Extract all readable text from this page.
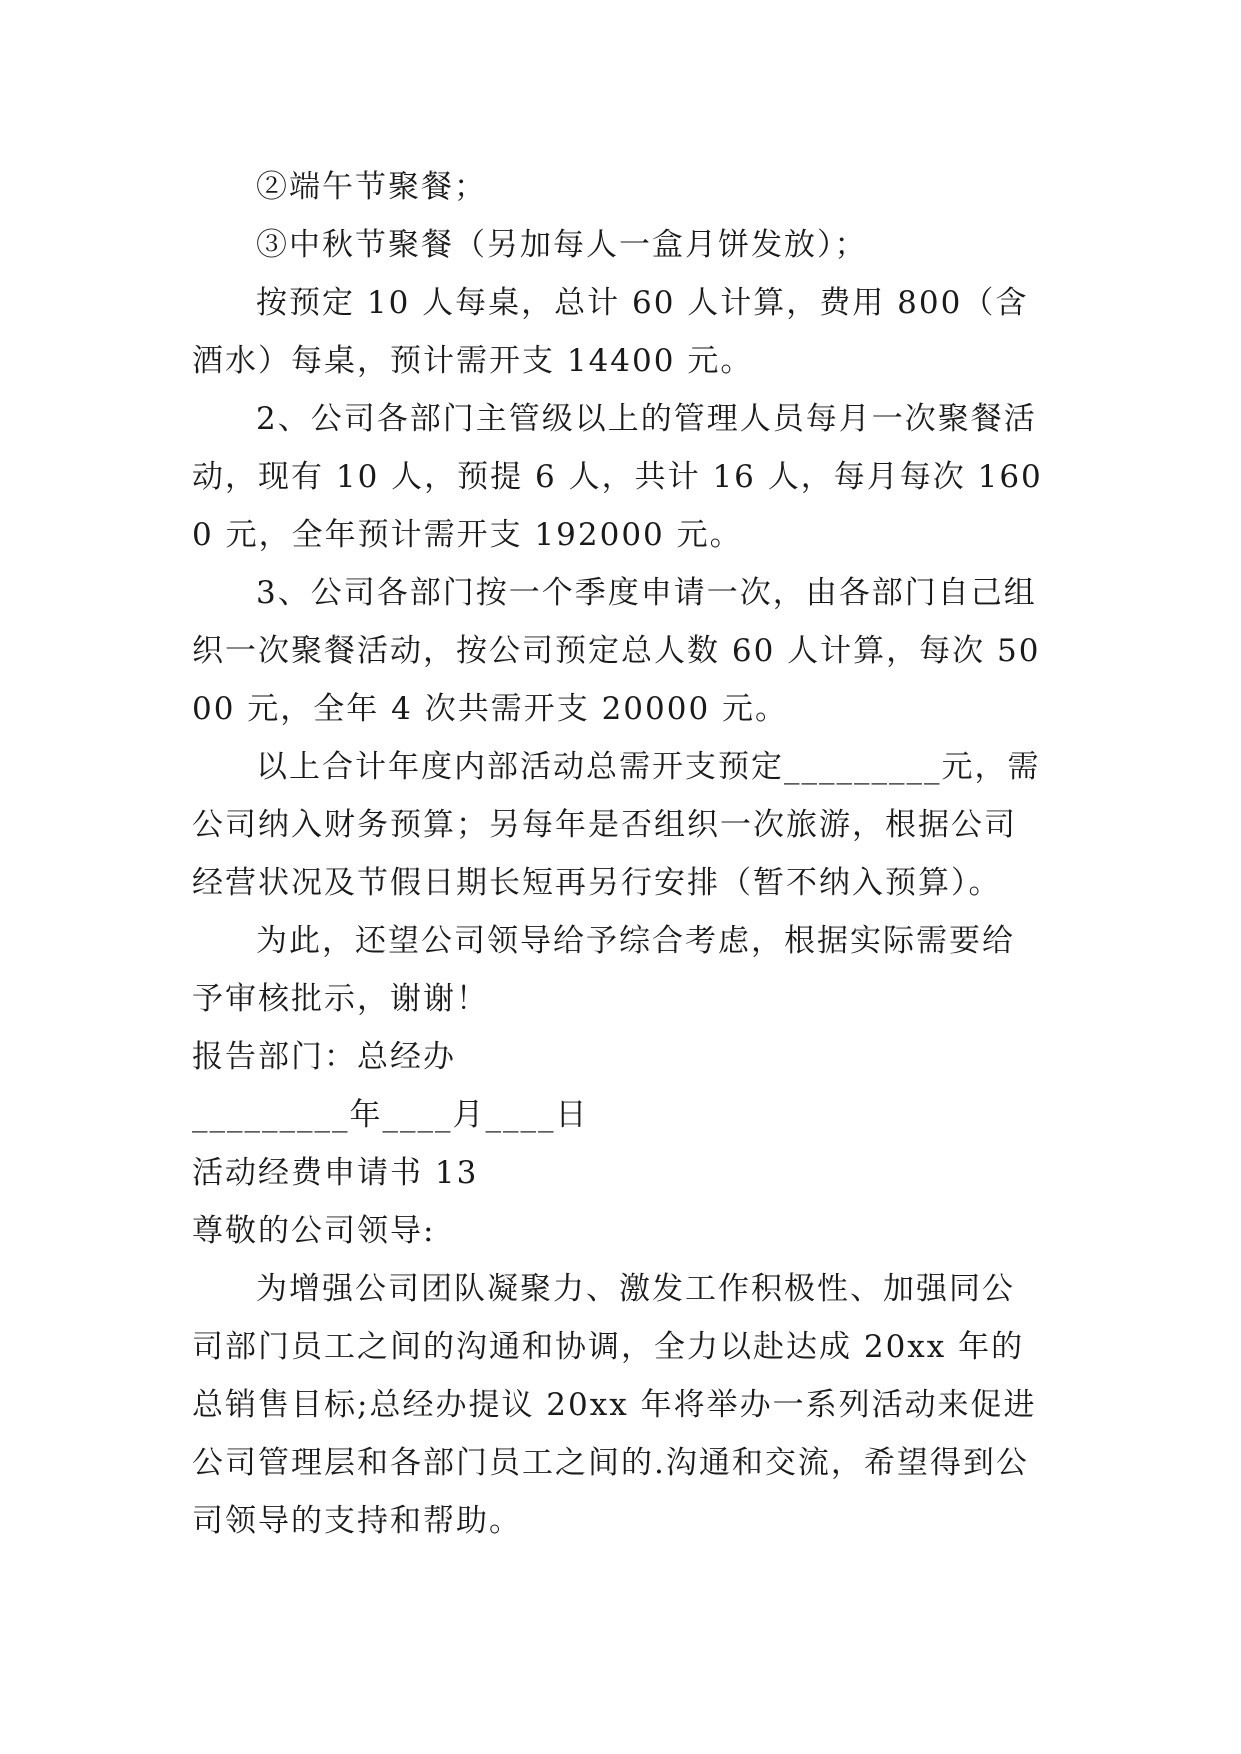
②端午节聚餐；

③中秋节聚餐（另加每人一盒月饼发放）；

按预定 10 人每桌，总计 60 人计算，费用 800（含酒水）每桌，预计需开支 14400 元。

2、公司各部门主管级以上的管理人员每月一次聚餐活动，现有 10 人，预提 6 人，共计 16 人，每月每次 1600 元，全年预计需开支 192000 元。

3、公司各部门按一个季度申请一次，由各部门自己组织一次聚餐活动，按公司预定总人数 60 人计算，每次 5000 元，全年 4 次共需开支 20000 元。

以上合计年度内部活动总需开支预定_________元，需公司纳入财务预算；另每年是否组织一次旅游，根据公司经营状况及节假日期长短再另行安排（暂不纳入预算）。

为此，还望公司领导给予综合考虑，根据实际需要给予审核批示，谢谢！

报告部门：总经办

_________年____月____日

活动经费申请书 13

尊敬的公司领导:

为增强公司团队凝聚力、激发工作积极性、加强同公司部门员工之间的沟通和协调，全力以赴达成 20xx 年的总销售目标;总经办提议 20xx 年将举办一系列活动来促进公司管理层和各部门员工之间的.沟通和交流，希望得到公司领导的支持和帮助。
